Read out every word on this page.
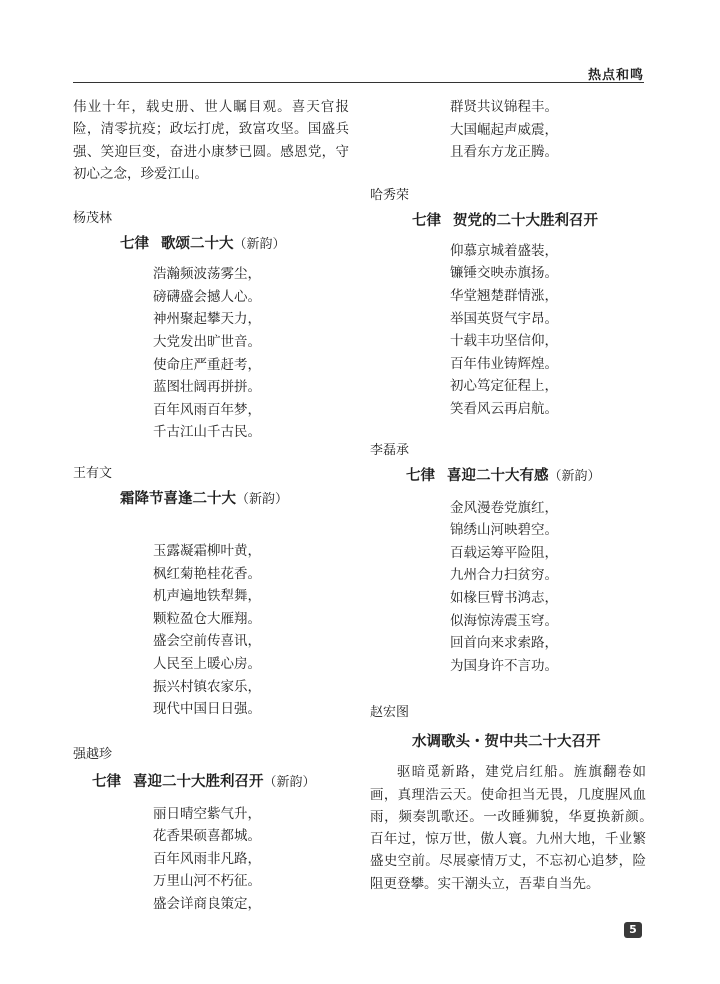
热点和鸣

伟业十年，载史册、世人瞩目观。喜天官报险，清零抗疫；政坛打虎，致富攻坚。国盛兵强、笑迎巨变，奋进小康梦已圆。感恩党，守初心之念，珍爱江山。

杨茂林

七律 歌颂二十大（新韵）

浩瀚频波荡雾尘，
磅礴盛会撼人心。
神州聚起攀天力，
大党发出旷世音。
使命庄严重赶考，
蓝图壮阔再拼拼。
百年风雨百年梦，
千古江山千古民。

王有文

霜降节喜逢二十大（新韵）

玉露凝霜柳叶黄，
枫红菊艳桂花香。
机声遍地铁犁舞，
颗粒盈仓大雁翔。
盛会空前传喜讯，
人民至上暖心房。
振兴村镇农家乐，
现代中国日日强。

强越珍

七律 喜迎二十大胜利召开（新韵）

丽日晴空紫气升，
花香果硕喜都城。
百年风雨非凡路，
万里山河不朽征。
盛会详商良策定，
群贤共议锦程丰。
大国崛起声威震，
且看东方龙正腾。

哈秀荣

七律 贺党的二十大胜利召开

仰慕京城着盛装，
镰锤交映赤旗扬。
华堂翘楚群情涨，
举国英贤气宇昂。
十载丰功坚信仰，
百年伟业铸辉煌。
初心笃定征程上，
笑看风云再启航。

李磊承

七律 喜迎二十大有感（新韵）

金风漫卷党旗红，
锦绣山河映碧空。
百载运筹平险阻，
九州合力扫贫穷。
如椽巨臂书鸿志，
似海惊涛震玉穹。
回首向来求索路，
为国身许不言功。

赵宏图

水调歌头・贺中共二十大召开

驱暗觅新路，建党启红船。旌旗翻卷如画，真理浩云天。使命担当无畏，几度腥风血雨，频奏凯歌还。一改睡狮貌，华夏换新颜。　百年过，惊万世，傲人寰。九州大地，千业繁盛史空前。尽展豪情万丈，不忘初心追梦，险阻更登攀。实干潮头立，吾辈自当先。

5
